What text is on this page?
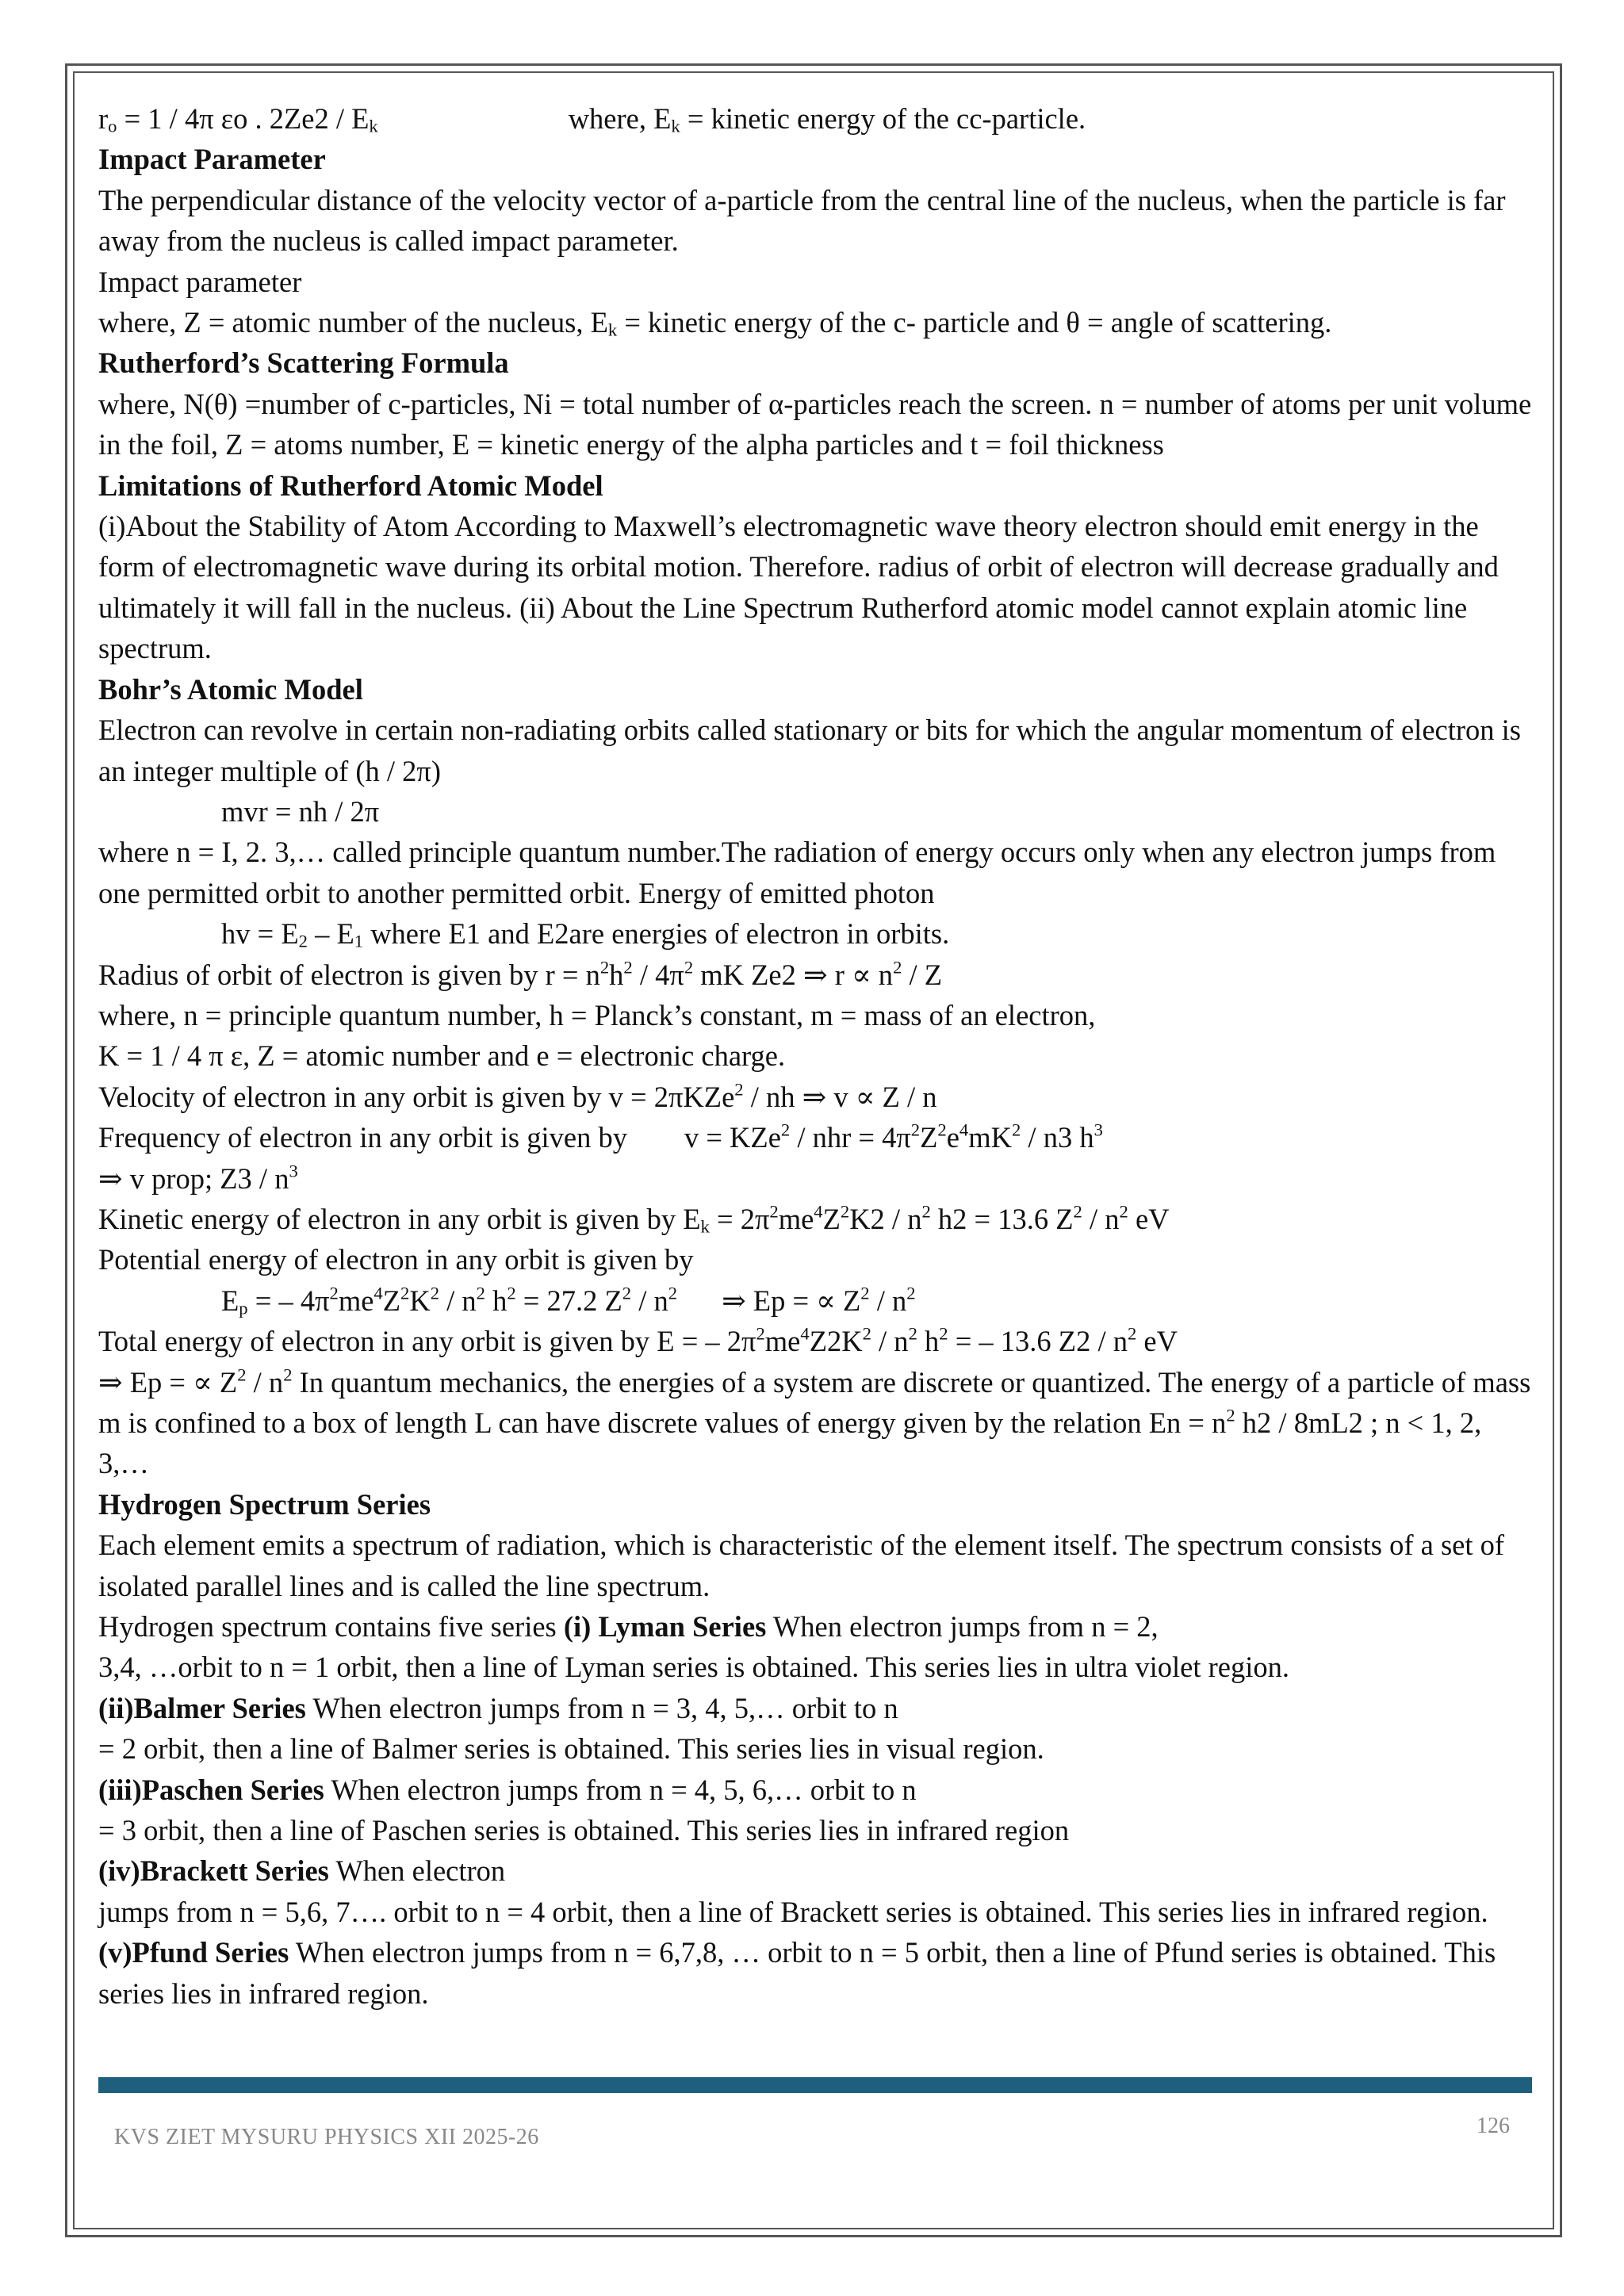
$r_o = 1 / 4\pi$ εo . $2Ze2 / E_k$	where, $E_k$ = kinetic energy of the cc-particle.

Impact Parameter

The perpendicular distance of the velocity vector of a-particle from the central line of the nucleus, when the particle is far away from the nucleus is called impact parameter.

Impact parameter

where, Z = atomic number of the nucleus, $E_k$ = kinetic energy of the c- particle and θ = angle of scattering.

Rutherford’s Scattering Formula

where, N(θ) =number of c-particles, Ni = total number of α-particles reach the screen. n = number of atoms per unit volume in the foil, Z = atoms number, E = kinetic energy of the alpha particles and t = foil thickness

Limitations of Rutherford Atomic Model

(i)About the Stability of Atom According to Maxwell’s electromagnetic wave theory electron should emit energy in the form of electromagnetic wave during its orbital motion. Therefore. radius of orbit of electron will decrease gradually and ultimately it will fall in the nucleus. (ii) About the Line Spectrum Rutherford atomic model cannot explain atomic line spectrum.

Bohr’s Atomic Model

Electron can revolve in certain non-radiating orbits called stationary or bits for which the angular momentum of electron is an integer multiple of (h / 2π)

mvr = nh / 2π

where n = I, 2. 3,… called principle quantum number.The radiation of energy occurs only when any electron jumps from one permitted orbit to another permitted orbit. Energy of emitted photon

hv = $E_2 - E_1$ where E1 and E2are energies of electron in orbits.

Radius of orbit of electron is given by $r = n^2h^2 / 4\pi^2$ mK Ze2 ⇒ $r \propto n^2 / Z$

where, n = principle quantum number, h = Planck’s constant, m = mass of an electron,

K = 1 / 4 π ε, Z = atomic number and e = electronic charge.

Velocity of electron in any orbit is given by v = 2πKZe$^2$ / nh ⇒ v ∝ Z / n

Frequency of electron in any orbit is given by v = KZe$^2$ / nhr = $4\pi^2Z^2e^4mK^2 / n3$ $h^3$

⇒ v prop; $Z3 / n^3$

Kinetic energy of electron in any orbit is given by $E_k = 2\pi^2me^4Z^2K2 / n^2$ h2 = 13.6 $Z^2 / n^2$ eV

Potential energy of electron in any orbit is given by

$E_p$ = – $4\pi^2me^4Z^2K^2 / n^2$ $h^2 = 27.2$ $Z^2 / n^2$ ⇒ Ep = ∝ $Z^2 / n^2$

Total energy of electron in any orbit is given by E = – $2\pi^2me^4Z2K^2 / n^2$ $h^2$ = – 13.6 $Z2 / n^2$ eV

⇒ Ep = ∝ $Z^2 / n^2$ In quantum mechanics, the energies of a system are discrete or quantized. The energy of a particle of mass m is confined to a box of length L can have discrete values of energy given by the relation $En = n^2$ h2 / 8mL2 ; n < 1, 2, 3,…

Hydrogen Spectrum Series

Each element emits a spectrum of radiation, which is characteristic of the element itself. The spectrum consists of a set of isolated parallel lines and is called the line spectrum.

Hydrogen spectrum contains five series (i) Lyman Series When electron jumps from n = 2,

3,4, …orbit to n = 1 orbit, then a line of Lyman series is obtained. This series lies in ultra violet region.

(ii)Balmer Series When electron jumps from n = 3, 4, 5,… orbit to n

= 2 orbit, then a line of Balmer series is obtained. This series lies in visual region.

(iii)Paschen Series When electron jumps from n = 4, 5, 6,… orbit to n

= 3 orbit, then a line of Paschen series is obtained. This series lies in infrared region

(iv)Brackett Series When electron

jumps from n = 5,6, 7…. orbit to n = 4 orbit, then a line of Brackett series is obtained. This series lies in infrared region.

(v)Pfund Series When electron jumps from n = 6,7,8, … orbit to n = 5 orbit, then a line of Pfund series is obtained. This series lies in infrared region.

KVS ZIET MYSURU PHYSICS XII 2025-26	126
